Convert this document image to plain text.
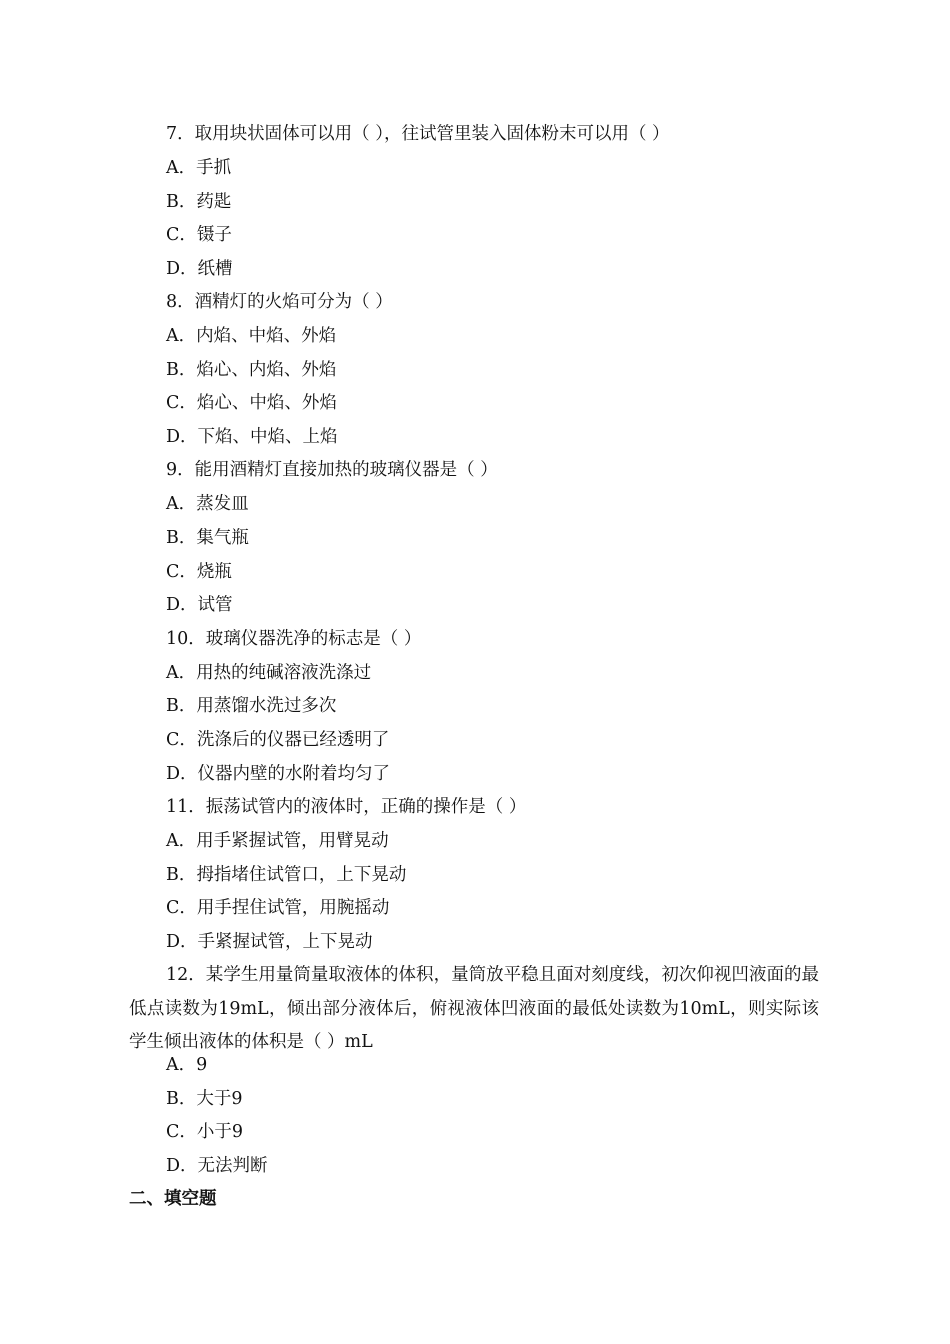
7．取用块状固体可以用（ ），往试管里装入固体粉末可以用（ ）
A．手抓
B．药匙
C．镊子
D．纸槽
8．酒精灯的火焰可分为（ ）
A．内焰、中焰、外焰
B．焰心、内焰、外焰
C．焰心、中焰、外焰
D．下焰、中焰、上焰
9．能用酒精灯直接加热的玻璃仪器是（ ）
A．蒸发皿
B．集气瓶
C．烧瓶
D．试管
10．玻璃仪器洗净的标志是（ ）
A．用热的纯碱溶液洗涤过
B．用蒸馏水洗过多次
C．洗涤后的仪器已经透明了
D．仪器内壁的水附着均匀了
11．振荡试管内的液体时，正确的操作是（ ）
A．用手紧握试管，用臂晃动
B．拇指堵住试管口，上下晃动
C．用手捏住试管，用腕摇动
D．手紧握试管，上下晃动
12．某学生用量筒量取液体的体积，量筒放平稳且面对刻度线，初次仰视凹液面的最低点读数为19mL，倾出部分液体后，俯视液体凹液面的最低处读数为10mL，则实际该学生倾出液体的体积是（ ）mL
A．9
B．大于9
C．小于9
D．无法判断
二、填空题
